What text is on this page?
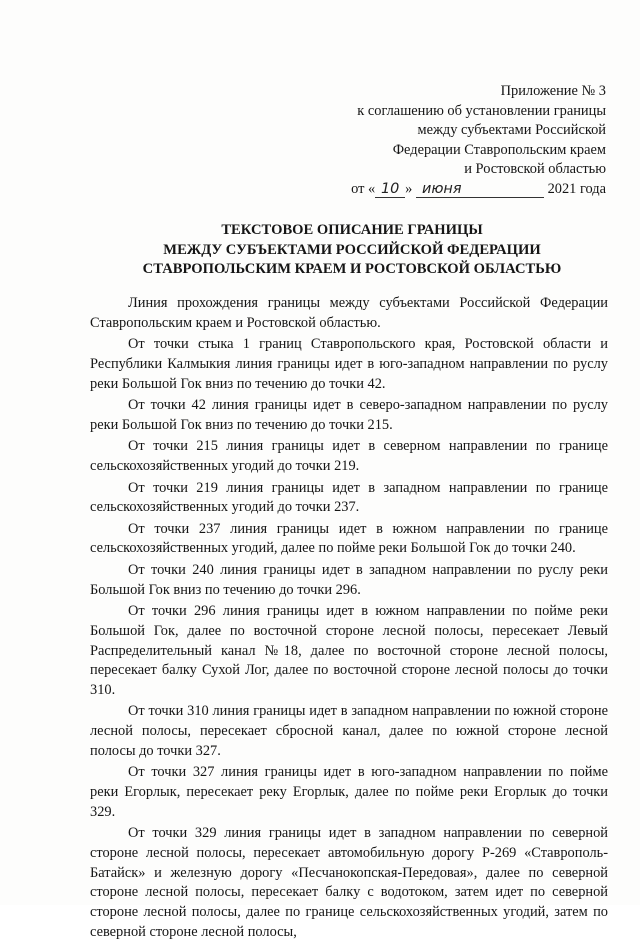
Приложение № 3
к соглашению об установлении границы
между субъектами Российской
Федерации Ставропольским краем
и Ростовской областью
от « 10 » июня	2021 года
ТЕКСТОВОЕ ОПИСАНИЕ ГРАНИЦЫ
МЕЖДУ СУБЪЕКТАМИ РОССИЙСКОЙ ФЕДЕРАЦИИ
СТАВРОПОЛЬСКИМ КРАЕМ И РОСТОВСКОЙ ОБЛАСТЬЮ

Линия прохождения границы между субъектами Российской Федерации Ставропольским краем и Ростовской областью.

От точки стыка 1 границ Ставропольского края, Ростовской области и Республики Калмыкия линия границы идет в юго-западном направлении по руслу реки Большой Гок вниз по течению до точки 42.

От точки 42 линия границы идет в северо-западном направлении по руслу реки Большой Гок вниз по течению до точки 215.

От точки 215 линия границы идет в северном направлении по границе сельскохозяйственных угодий до точки 219.

От точки 219 линия границы идет в западном направлении по границе сельскохозяйственных угодий до точки 237.

От точки 237 линия границы идет в южном направлении по границе сельскохозяйственных угодий, далее по пойме реки Большой Гок до точки 240.

От точки 240 линия границы идет в западном направлении по руслу реки Большой Гок вниз по течению до точки 296.

От точки 296 линия границы идет в южном направлении по пойме реки Большой Гок, далее по восточной стороне лесной полосы, пересекает Левый Распределительный канал №18, далее по восточной стороне лесной полосы, пересекает балку Сухой Лог, далее по восточной стороне лесной полосы до точки 310.

От точки 310 линия границы идет в западном направлении по южной стороне лесной полосы, пересекает сбросной канал, далее по южной стороне лесной полосы до точки 327.

От точки 327 линия границы идет в юго-западном направлении по пойме реки Егорлык, пересекает реку Егорлык, далее по пойме реки Егорлык до точки 329.

От точки 329 линия границы идет в западном направлении по северной стороне лесной полосы, пересекает автомобильную дорогу Р-269 «Ставрополь-Батайск» и железную дорогу «Песчанокопская-Передовая», далее по северной стороне лесной полосы, пересекает балку с водотоком, затем идет по северной стороне лесной полосы, далее по границе сельскохозяйственных угодий, затем по северной стороне лесной полосы,
